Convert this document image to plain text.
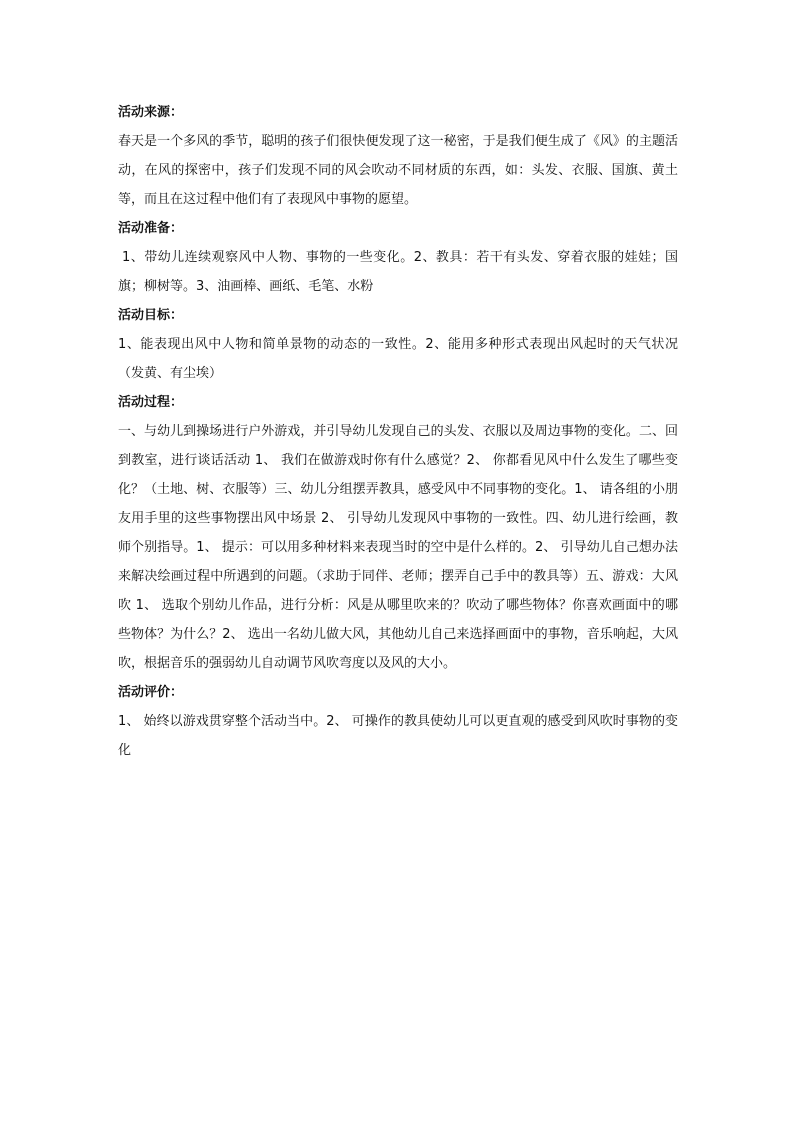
活动来源：

春天是一个多风的季节，聪明的孩子们很快便发现了这一秘密，于是我们便生成了《风》的主题活动，在风的探密中，孩子们发现不同的风会吹动不同材质的东西，如：头发、衣服、国旗、黄土等，而且在这过程中他们有了表现风中事物的愿望。

活动准备：

1、带幼儿连续观察风中人物、事物的一些变化。2、教具：若干有头发、穿着衣服的娃娃；国旗；柳树等。3、油画棒、画纸、毛笔、水粉

活动目标：

1、能表现出风中人物和简单景物的动态的一致性。2、能用多种形式表现出风起时的天气状况（发黄、有尘埃）

活动过程：

一、与幼儿到操场进行户外游戏，并引导幼儿发现自己的头发、衣服以及周边事物的变化。二、回到教室，进行谈话活动 1、 我们在做游戏时你有什么感觉？2、 你都看见风中什么发生了哪些变化？（土地、树、衣服等）三、幼儿分组摆弄教具，感受风中不同事物的变化。1、 请各组的小朋友用手里的这些事物摆出风中场景 2、 引导幼儿发现风中事物的一致性。四、幼儿进行绘画，教师个别指导。1、 提示：可以用多种材料来表现当时的空中是什么样的。2、 引导幼儿自己想办法来解决绘画过程中所遇到的问题。（求助于同伴、老师；摆弄自己手中的教具等）五、游戏：大风吹 1、 选取个别幼儿作品，进行分析：风是从哪里吹来的？吹动了哪些物体？你喜欢画面中的哪些物体？为什么？2、 选出一名幼儿做大风，其他幼儿自己来选择画面中的事物，音乐响起，大风吹，根据音乐的强弱幼儿自动调节风吹弯度以及风的大小。

活动评价：

1、 始终以游戏贯穿整个活动当中。2、 可操作的教具使幼儿可以更直观的感受到风吹时事物的变化
